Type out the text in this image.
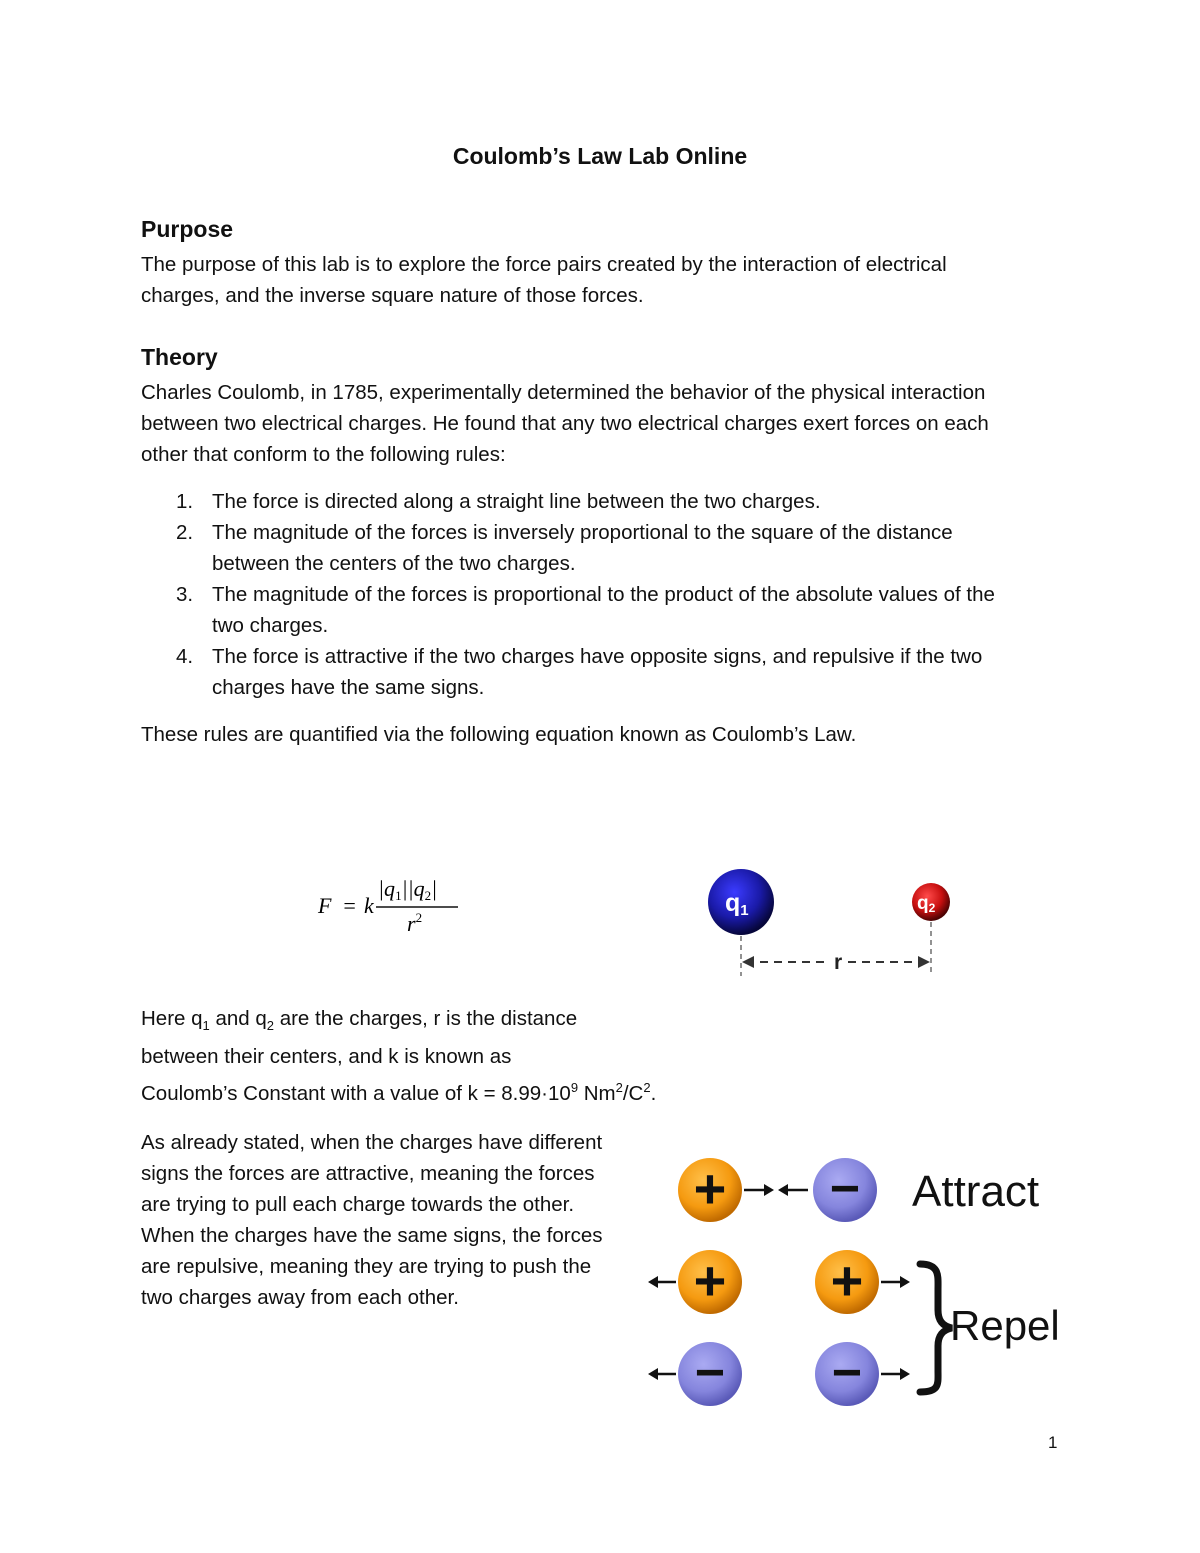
Coulomb’s Law Lab Online
Purpose

The purpose of this lab is to explore the force pairs created by the interaction of electrical
charges, and the inverse square nature of those forces.

Theory

Charles Coulomb, in 1785, experimentally determined the behavior of the physical interaction
between two electrical charges. He found that any two electrical charges exert forces on each
other that conform to the following rules:

1. The force is directed along a straight line between the two charges.
2. The magnitude of the forces is inversely proportional to the square of the distance
between the centers of the two charges.
3. The magnitude of the forces is proportional to the product of the absolute values of the
two charges.
4. The force is attractive if the two charges have opposite signs, and repulsive if the two
charges have the same signs.

These rules are quantified via the following equation known as Coulomb’s Law.

F = k
|q1||q2|
$r^2$
q1	q2
r

Here $q_1$ and $q_2$ are the charges, r is the distance
between their centers, and k is known as
Coulomb’s Constant with a value of $k = 8.99\cdot 10^9$ $Nm^2/C^2$.

As already stated, when the charges have different
signs the forces are attractive, meaning the forces
are trying to pull each charge towards the other.
When the charges have the same signs, the forces
are repulsive, meaning they are trying to push the
two charges away from each other.

+ − Attract
+ +
− −
Repel
1
